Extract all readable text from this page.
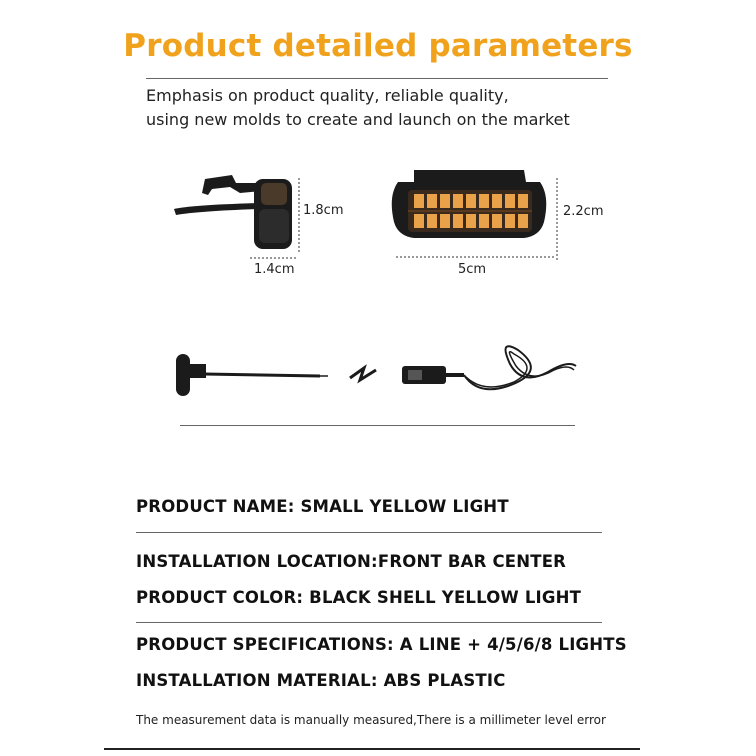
Product detailed parameters
Emphasis on product quality, reliable quality,
using new molds to create and launch on the market
1.8cm
1.4cm
2.2cm
5cm
PRODUCT NAME: SMALL YELLOW LIGHT
INSTALLATION LOCATION:FRONT BAR CENTER
PRODUCT COLOR: BLACK SHELL YELLOW LIGHT
PRODUCT SPECIFICATIONS: A LINE + 4/5/6/8 LIGHTS
INSTALLATION MATERIAL: ABS PLASTIC
The measurement data is manually measured,There is a millimeter level error
